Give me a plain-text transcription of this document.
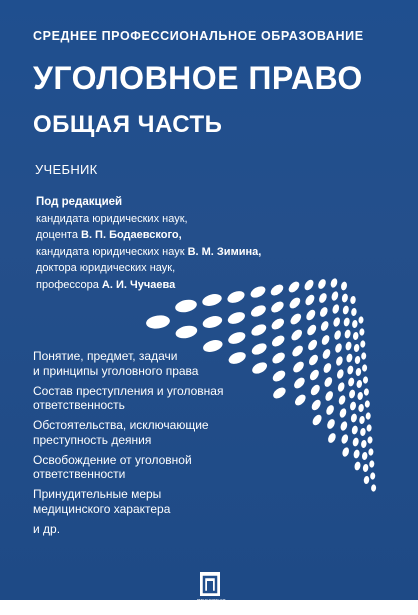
СРЕДНЕЕ ПРОФЕССИОНАЛЬНОЕ ОБРАЗОВАНИЕ
УГОЛОВНОЕ ПРАВО
ОБЩАЯ ЧАСТЬ
УЧЕБНИК
Под редакцией
кандидата юридических наук,
доцента В. П. Бодаевского,
кандидата юридических наук В. М. Зимина,
доктора юридических наук,
профессора А. И. Чучаева
Понятие, предмет, задачи
и принципы уголовного права
Состав преступления и уголовная
ответственность
Обстоятельства, исключающие
преступность деяния
Освобождение от уголовной
ответственности
Принудительные меры
медицинского характера
и др.
